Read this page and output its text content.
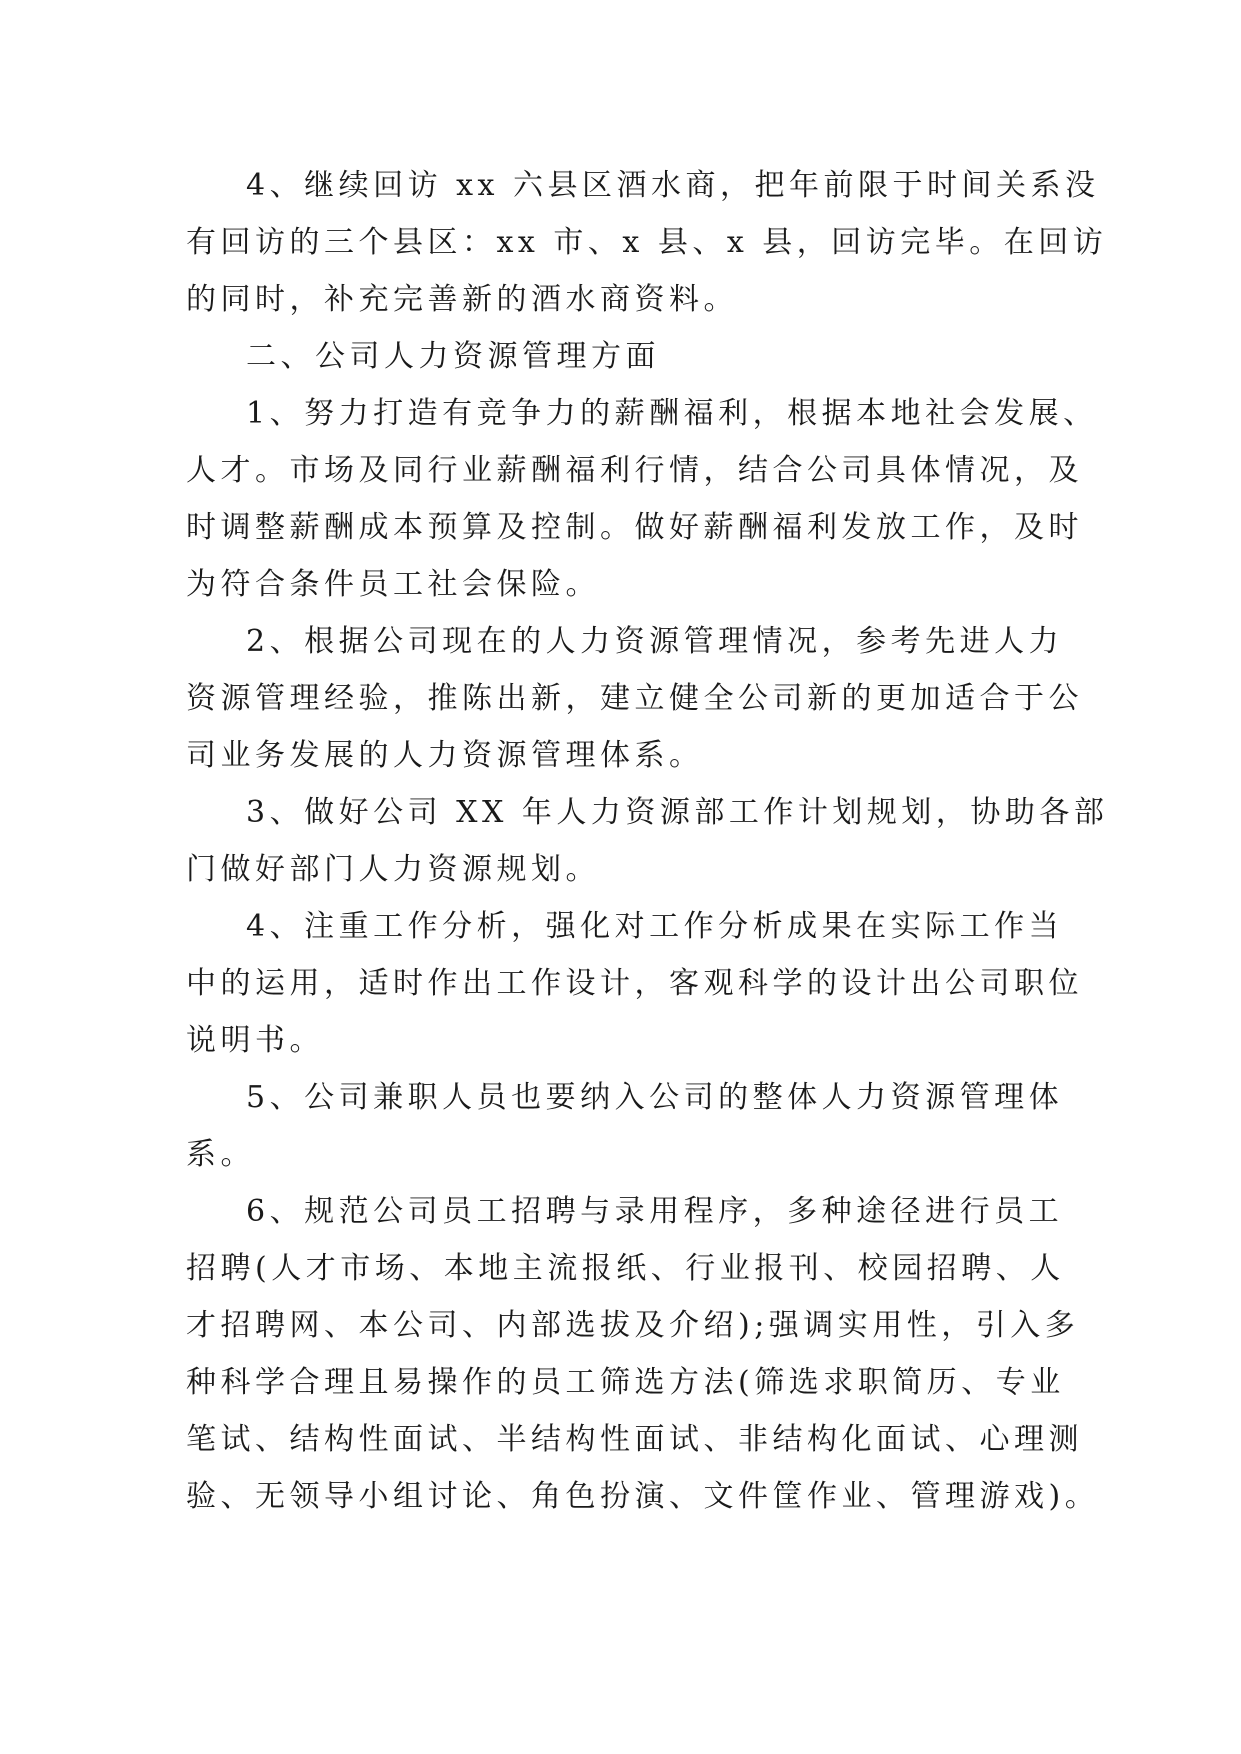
4、继续回访 xx 六县区酒水商，把年前限于时间关系没
有回访的三个县区：xx 市、x 县、x 县，回访完毕。在回访
的同时，补充完善新的酒水商资料。

二、公司人力资源管理方面

1、努力打造有竞争力的薪酬福利，根据本地社会发展、
人才。市场及同行业薪酬福利行情，结合公司具体情况，及
时调整薪酬成本预算及控制。做好薪酬福利发放工作，及时
为符合条件员工社会保险。

2、根据公司现在的人力资源管理情况，参考先进人力
资源管理经验，推陈出新，建立健全公司新的更加适合于公
司业务发展的人力资源管理体系。

3、做好公司 XX 年人力资源部工作计划规划，协助各部
门做好部门人力资源规划。

4、注重工作分析，强化对工作分析成果在实际工作当
中的运用，适时作出工作设计，客观科学的设计出公司职位
说明书。

5、公司兼职人员也要纳入公司的整体人力资源管理体
系。

6、规范公司员工招聘与录用程序，多种途径进行员工
招聘(人才市场、本地主流报纸、行业报刊、校园招聘、人
才招聘网、本公司、内部选拔及介绍);强调实用性，引入多
种科学合理且易操作的员工筛选方法(筛选求职简历、专业
笔试、结构性面试、半结构性面试、非结构化面试、心理测
验、无领导小组讨论、角色扮演、文件筐作业、管理游戏)。
